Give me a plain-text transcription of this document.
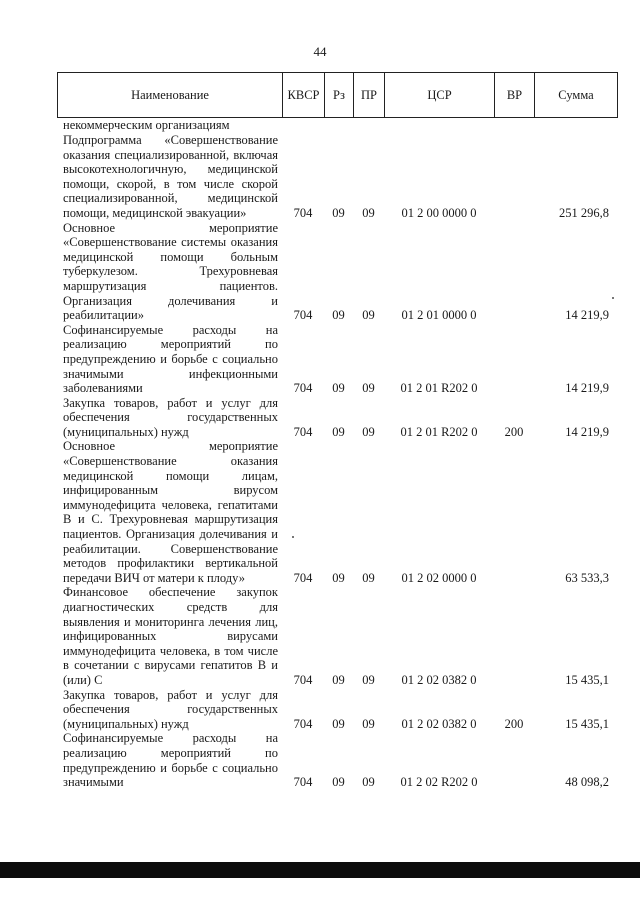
44
Наименование	КВСР	Рз	ПР	ЦСР	ВР	Сумма
некоммерческим организациям						
Подпрограмма «Совершенствование оказания специализированной, включая высокотехнологичную, медицинской помощи, скорой, в том числе скорой специализированной, медицинской помощи, медицинской эвакуации»	704	09	09	01 2 00 0000 0		251 296,8
Основное мероприятие «Совершенствование системы оказания медицинской помощи больным туберкулезом. Трехуровневая маршрутизация пациентов. Организация долечивания и реабилитации»	704	09	09	01 2 01 0000 0		14 219,9
Софинансируемые расходы на реализацию мероприятий по предупреждению и борьбе с социально значимыми инфекционными заболеваниями	704	09	09	01 2 01 R202 0		14 219,9
Закупка товаров, работ и услуг для обеспечения государственных (муниципальных) нужд	704	09	09	01 2 01 R202 0	200	14 219,9
Основное мероприятие «Совершенствование оказания медицинской помощи лицам, инфицированным вирусом иммунодефицита человека, гепатитами В и С. Трехуровневая маршрутизация пациентов. Организация долечивания и реабилитации. Совершенствование методов профилактики вертикальной передачи ВИЧ от матери к плоду»	704	09	09	01 2 02 0000 0		63 533,3
Финансовое обеспечение закупок диагностических средств для выявления и мониторинга лечения лиц, инфицированных вирусами иммунодефицита человека, в том числе в сочетании с вирусами гепатитов В и (или) С	704	09	09	01 2 02 0382 0		15 435,1
Закупка товаров, работ и услуг для обеспечения государственных (муниципальных) нужд	704	09	09	01 2 02 0382 0	200	15 435,1
Софинансируемые расходы на реализацию мероприятий по предупреждению и борьбе с социально значимыми	704	09	09	01 2 02 R202 0		48 098,2
